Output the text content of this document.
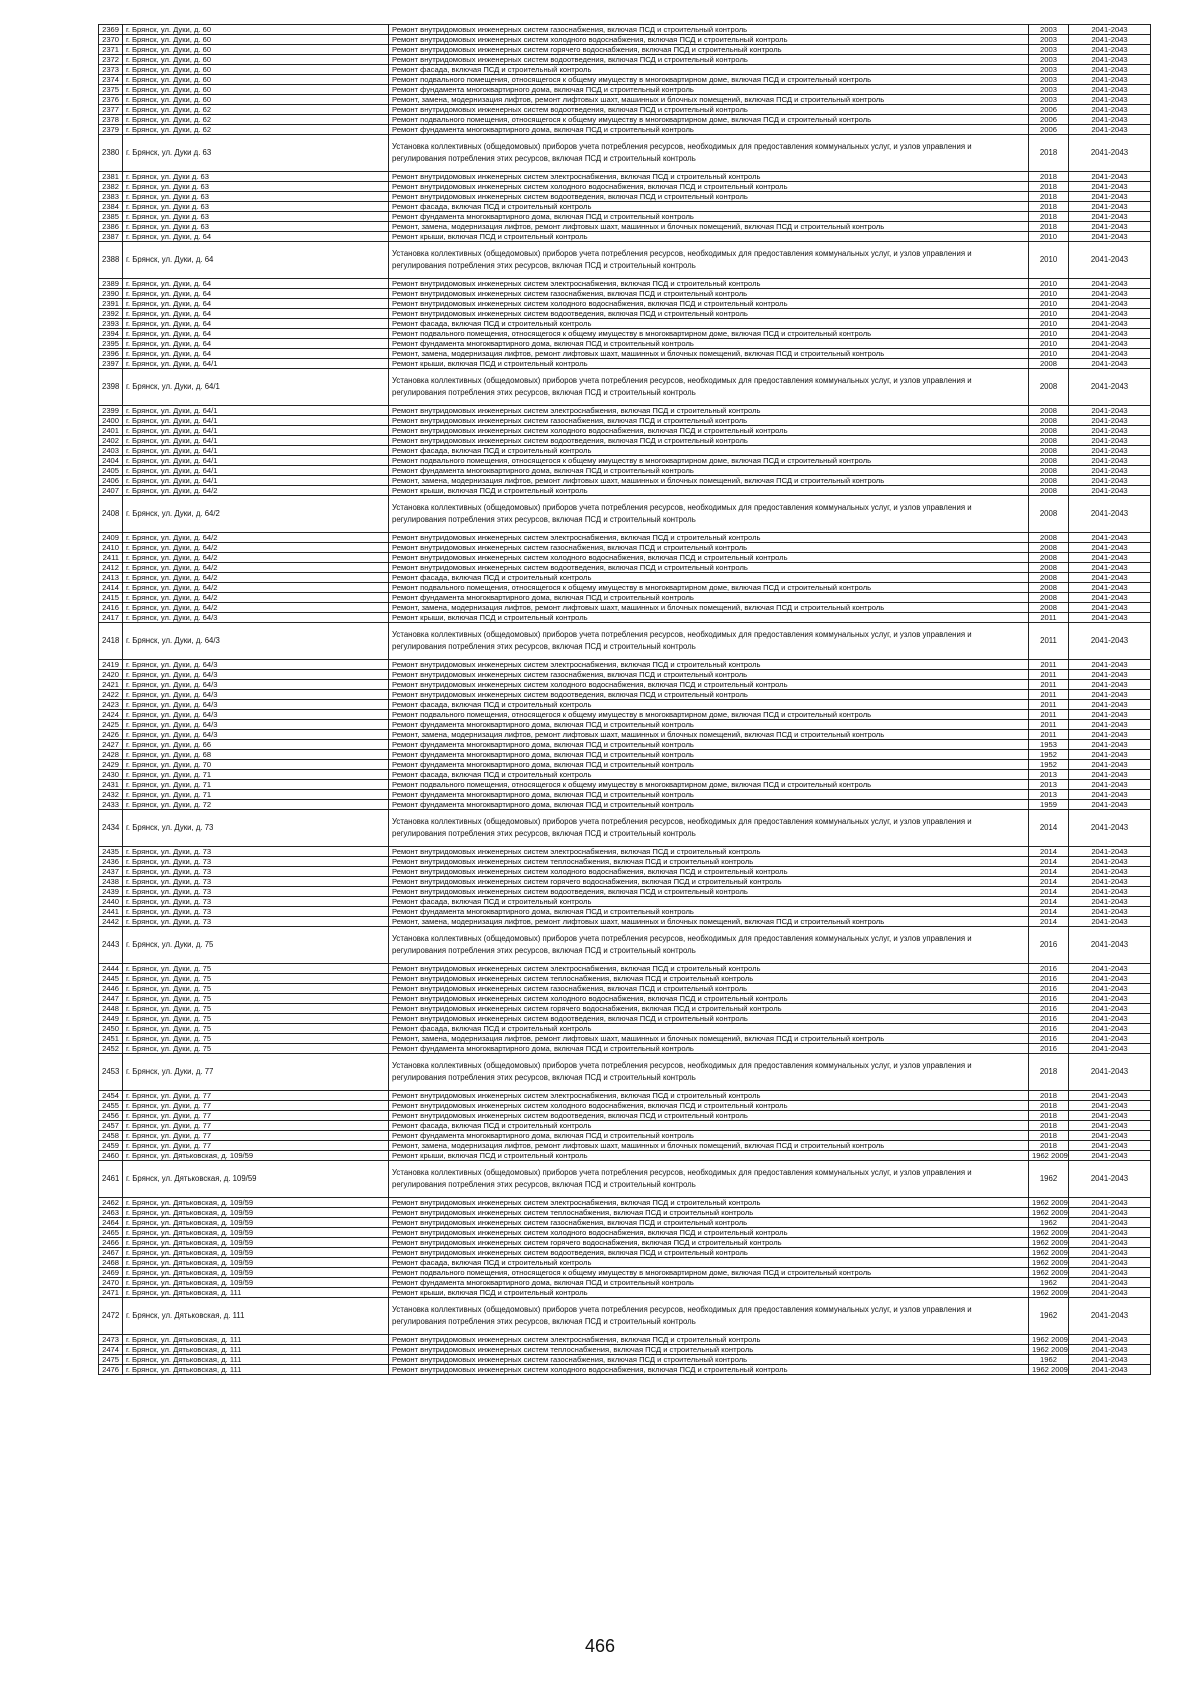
2369	г. Брянск, ул. Дуки, д. 60	Ремонт внутридомовых инженерных систем газоснабжения, включая ПСД и строительный контроль	2003	2041-2043
2370	г. Брянск, ул. Дуки, д. 60	Ремонт внутридомовых инженерных систем холодного водоснабжения, включая ПСД и строительный контроль	2003	2041-2043
2371	г. Брянск, ул. Дуки, д. 60	Ремонт внутридомовых инженерных систем горячего водоснабжения, включая ПСД и строительный контроль	2003	2041-2043
2372	г. Брянск, ул. Дуки, д. 60	Ремонт внутридомовых инженерных систем водоотведения, включая ПСД и строительный контроль	2003	2041-2043
2373	г. Брянск, ул. Дуки, д. 60	Ремонт фасада, включая ПСД и строительный контроль	2003	2041-2043
2374	г. Брянск, ул. Дуки, д. 60	Ремонт подвального помещения, относящегося к общему имуществу в многоквартирном доме, включая ПСД и строительный контроль	2003	2041-2043
2375	г. Брянск, ул. Дуки, д. 60	Ремонт фундамента многоквартирного дома, включая ПСД и строительный контроль	2003	2041-2043
2376	г. Брянск, ул. Дуки, д. 60	Ремонт, замена, модернизация лифтов, ремонт лифтовых шахт, машинных и блочных помещений, включая ПСД и строительный контроль	2003	2041-2043
2377	г. Брянск, ул. Дуки, д. 62	Ремонт внутридомовых инженерных систем водоотведения, включая ПСД и строительный контроль	2006	2041-2043
2378	г. Брянск, ул. Дуки, д. 62	Ремонт подвального помещения, относящегося к общему имуществу в многоквартирном доме, включая ПСД и строительный контроль	2006	2041-2043
2379	г. Брянск, ул. Дуки, д. 62	Ремонт фундамента многоквартирного дома, включая ПСД и строительный контроль	2006	2041-2043
2380	г. Брянск, ул. Дуки д. 63	Установка коллективных (общедомовых) приборов учета потребления ресурсов, необходимых для предоставления коммунальных услуг, и узлов управления и регулирования потребления этих ресурсов, включая ПСД и строительный контроль	2018	2041-2043
2381	г. Брянск, ул. Дуки д. 63	Ремонт внутридомовых инженерных систем электроснабжения, включая ПСД и строительный контроль	2018	2041-2043
2382	г. Брянск, ул. Дуки д. 63	Ремонт внутридомовых инженерных систем холодного водоснабжения, включая ПСД и строительный контроль	2018	2041-2043
2383	г. Брянск, ул. Дуки д. 63	Ремонт внутридомовых инженерных систем водоотведения, включая ПСД и строительный контроль	2018	2041-2043
2384	г. Брянск, ул. Дуки д. 63	Ремонт фасада, включая ПСД и строительный контроль	2018	2041-2043
2385	г. Брянск, ул. Дуки д. 63	Ремонт фундамента многоквартирного дома, включая ПСД и строительный контроль	2018	2041-2043
2386	г. Брянск, ул. Дуки д. 63	Ремонт, замена, модернизация лифтов, ремонт лифтовых шахт, машинных и блочных помещений, включая ПСД и строительный контроль	2018	2041-2043
2387	г. Брянск, ул. Дуки, д. 64	Ремонт крыши, включая ПСД и строительный контроль	2010	2041-2043
2388	г. Брянск, ул. Дуки, д. 64	Установка коллективных (общедомовых) приборов учета потребления ресурсов, необходимых для предоставления коммунальных услуг, и узлов управления и регулирования потребления этих ресурсов, включая ПСД и строительный контроль	2010	2041-2043
2389	г. Брянск, ул. Дуки, д. 64	Ремонт внутридомовых инженерных систем электроснабжения, включая ПСД и строительный контроль	2010	2041-2043
2390	г. Брянск, ул. Дуки, д. 64	Ремонт внутридомовых инженерных систем газоснабжения, включая ПСД и строительный контроль	2010	2041-2043
2391	г. Брянск, ул. Дуки, д. 64	Ремонт внутридомовых инженерных систем холодного водоснабжения, включая ПСД и строительный контроль	2010	2041-2043
2392	г. Брянск, ул. Дуки, д. 64	Ремонт внутридомовых инженерных систем водоотведения, включая ПСД и строительный контроль	2010	2041-2043
2393	г. Брянск, ул. Дуки, д. 64	Ремонт фасада, включая ПСД и строительный контроль	2010	2041-2043
2394	г. Брянск, ул. Дуки, д. 64	Ремонт подвального помещения, относящегося к общему имуществу в многоквартирном доме, включая ПСД и строительный контроль	2010	2041-2043
2395	г. Брянск, ул. Дуки, д. 64	Ремонт фундамента многоквартирного дома, включая ПСД и строительный контроль	2010	2041-2043
2396	г. Брянск, ул. Дуки, д. 64	Ремонт, замена, модернизация лифтов, ремонт лифтовых шахт, машинных и блочных помещений, включая ПСД и строительный контроль	2010	2041-2043
2397	г. Брянск, ул. Дуки, д. 64/1	Ремонт крыши, включая ПСД и строительный контроль	2008	2041-2043
2398	г. Брянск, ул. Дуки, д. 64/1	Установка коллективных (общедомовых) приборов учета потребления ресурсов, необходимых для предоставления коммунальных услуг, и узлов управления и регулирования потребления этих ресурсов, включая ПСД и строительный контроль	2008	2041-2043
2399	г. Брянск, ул. Дуки, д. 64/1	Ремонт внутридомовых инженерных систем электроснабжения, включая ПСД и строительный контроль	2008	2041-2043
2400	г. Брянск, ул. Дуки, д. 64/1	Ремонт внутридомовых инженерных систем газоснабжения, включая ПСД и строительный контроль	2008	2041-2043
2401	г. Брянск, ул. Дуки, д. 64/1	Ремонт внутридомовых инженерных систем холодного водоснабжения, включая ПСД и строительный контроль	2008	2041-2043
2402	г. Брянск, ул. Дуки, д. 64/1	Ремонт внутридомовых инженерных систем водоотведения, включая ПСД и строительный контроль	2008	2041-2043
2403	г. Брянск, ул. Дуки, д. 64/1	Ремонт фасада, включая ПСД и строительный контроль	2008	2041-2043
2404	г. Брянск, ул. Дуки, д. 64/1	Ремонт подвального помещения, относящегося к общему имуществу в многоквартирном доме, включая ПСД и строительный контроль	2008	2041-2043
2405	г. Брянск, ул. Дуки, д. 64/1	Ремонт фундамента многоквартирного дома, включая ПСД и строительный контроль	2008	2041-2043
2406	г. Брянск, ул. Дуки, д. 64/1	Ремонт, замена, модернизация лифтов, ремонт лифтовых шахт, машинных и блочных помещений, включая ПСД и строительный контроль	2008	2041-2043
2407	г. Брянск, ул. Дуки, д. 64/2	Ремонт крыши, включая ПСД и строительный контроль	2008	2041-2043
2408	г. Брянск, ул. Дуки, д. 64/2	Установка коллективных (общедомовых) приборов учета потребления ресурсов, необходимых для предоставления коммунальных услуг, и узлов управления и регулирования потребления этих ресурсов, включая ПСД и строительный контроль	2008	2041-2043
2409	г. Брянск, ул. Дуки, д. 64/2	Ремонт внутридомовых инженерных систем электроснабжения, включая ПСД и строительный контроль	2008	2041-2043
2410	г. Брянск, ул. Дуки, д. 64/2	Ремонт внутридомовых инженерных систем газоснабжения, включая ПСД и строительный контроль	2008	2041-2043
2411	г. Брянск, ул. Дуки, д. 64/2	Ремонт внутридомовых инженерных систем холодного водоснабжения, включая ПСД и строительный контроль	2008	2041-2043
2412	г. Брянск, ул. Дуки, д. 64/2	Ремонт внутридомовых инженерных систем водоотведения, включая ПСД и строительный контроль	2008	2041-2043
2413	г. Брянск, ул. Дуки, д. 64/2	Ремонт фасада, включая ПСД и строительный контроль	2008	2041-2043
2414	г. Брянск, ул. Дуки, д. 64/2	Ремонт подвального помещения, относящегося к общему имуществу в многоквартирном доме, включая ПСД и строительный контроль	2008	2041-2043
2415	г. Брянск, ул. Дуки, д. 64/2	Ремонт фундамента многоквартирного дома, включая ПСД и строительный контроль	2008	2041-2043
2416	г. Брянск, ул. Дуки, д. 64/2	Ремонт, замена, модернизация лифтов, ремонт лифтовых шахт, машинных и блочных помещений, включая ПСД и строительный контроль	2008	2041-2043
2417	г. Брянск, ул. Дуки, д. 64/3	Ремонт крыши, включая ПСД и строительный контроль	2011	2041-2043
2418	г. Брянск, ул. Дуки, д. 64/3	Установка коллективных (общедомовых) приборов учета потребления ресурсов, необходимых для предоставления коммунальных услуг, и узлов управления и регулирования потребления этих ресурсов, включая ПСД и строительный контроль	2011	2041-2043
2419	г. Брянск, ул. Дуки, д. 64/3	Ремонт внутридомовых инженерных систем электроснабжения, включая ПСД и строительный контроль	2011	2041-2043
2420	г. Брянск, ул. Дуки, д. 64/3	Ремонт внутридомовых инженерных систем газоснабжения, включая ПСД и строительный контроль	2011	2041-2043
2421	г. Брянск, ул. Дуки, д. 64/3	Ремонт внутридомовых инженерных систем холодного водоснабжения, включая ПСД и строительный контроль	2011	2041-2043
2422	г. Брянск, ул. Дуки, д. 64/3	Ремонт внутридомовых инженерных систем водоотведения, включая ПСД и строительный контроль	2011	2041-2043
2423	г. Брянск, ул. Дуки, д. 64/3	Ремонт фасада, включая ПСД и строительный контроль	2011	2041-2043
2424	г. Брянск, ул. Дуки, д. 64/3	Ремонт подвального помещения, относящегося к общему имуществу в многоквартирном доме, включая ПСД и строительный контроль	2011	2041-2043
2425	г. Брянск, ул. Дуки, д. 64/3	Ремонт фундамента многоквартирного дома, включая ПСД и строительный контроль	2011	2041-2043
2426	г. Брянск, ул. Дуки, д. 64/3	Ремонт, замена, модернизация лифтов, ремонт лифтовых шахт, машинных и блочных помещений, включая ПСД и строительный контроль	2011	2041-2043
2427	г. Брянск, ул. Дуки, д. 66	Ремонт фундамента многоквартирного дома, включая ПСД и строительный контроль	1953	2041-2043
2428	г. Брянск, ул. Дуки, д. 68	Ремонт фундамента многоквартирного дома, включая ПСД и строительный контроль	1952	2041-2043
2429	г. Брянск, ул. Дуки, д. 70	Ремонт фундамента многоквартирного дома, включая ПСД и строительный контроль	1952	2041-2043
2430	г. Брянск, ул. Дуки, д. 71	Ремонт фасада, включая ПСД и строительный контроль	2013	2041-2043
2431	г. Брянск, ул. Дуки, д. 71	Ремонт подвального помещения, относящегося к общему имуществу в многоквартирном доме, включая ПСД и строительный контроль	2013	2041-2043
2432	г. Брянск, ул. Дуки, д. 71	Ремонт фундамента многоквартирного дома, включая ПСД и строительный контроль	2013	2041-2043
2433	г. Брянск, ул. Дуки, д. 72	Ремонт фундамента многоквартирного дома, включая ПСД и строительный контроль	1959	2041-2043
2434	г. Брянск, ул. Дуки, д. 73	Установка коллективных (общедомовых) приборов учета потребления ресурсов, необходимых для предоставления коммунальных услуг, и узлов управления и регулирования потребления этих ресурсов, включая ПСД и строительный контроль	2014	2041-2043
2435	г. Брянск, ул. Дуки, д. 73	Ремонт внутридомовых инженерных систем электроснабжения, включая ПСД и строительный контроль	2014	2041-2043
2436	г. Брянск, ул. Дуки, д. 73	Ремонт внутридомовых инженерных систем теплоснабжения, включая ПСД и строительный контроль	2014	2041-2043
2437	г. Брянск, ул. Дуки, д. 73	Ремонт внутридомовых инженерных систем холодного водоснабжения, включая ПСД и строительный контроль	2014	2041-2043
2438	г. Брянск, ул. Дуки, д. 73	Ремонт внутридомовых инженерных систем горячего водоснабжения, включая ПСД и строительный контроль	2014	2041-2043
2439	г. Брянск, ул. Дуки, д. 73	Ремонт внутридомовых инженерных систем водоотведения, включая ПСД и строительный контроль	2014	2041-2043
2440	г. Брянск, ул. Дуки, д. 73	Ремонт фасада, включая ПСД и строительный контроль	2014	2041-2043
2441	г. Брянск, ул. Дуки, д. 73	Ремонт фундамента многоквартирного дома, включая ПСД и строительный контроль	2014	2041-2043
2442	г. Брянск, ул. Дуки, д. 73	Ремонт, замена, модернизация лифтов, ремонт лифтовых шахт, машинных и блочных помещений, включая ПСД и строительный контроль	2014	2041-2043
2443	г. Брянск, ул. Дуки, д. 75	Установка коллективных (общедомовых) приборов учета потребления ресурсов, необходимых для предоставления коммунальных услуг, и узлов управления и регулирования потребления этих ресурсов, включая ПСД и строительный контроль	2016	2041-2043
2444	г. Брянск, ул. Дуки, д. 75	Ремонт внутридомовых инженерных систем электроснабжения, включая ПСД и строительный контроль	2016	2041-2043
2445	г. Брянск, ул. Дуки, д. 75	Ремонт внутридомовых инженерных систем теплоснабжения, включая ПСД и строительный контроль	2016	2041-2043
2446	г. Брянск, ул. Дуки, д. 75	Ремонт внутридомовых инженерных систем газоснабжения, включая ПСД и строительный контроль	2016	2041-2043
2447	г. Брянск, ул. Дуки, д. 75	Ремонт внутридомовых инженерных систем холодного водоснабжения, включая ПСД и строительный контроль	2016	2041-2043
2448	г. Брянск, ул. Дуки, д. 75	Ремонт внутридомовых инженерных систем горячего водоснабжения, включая ПСД и строительный контроль	2016	2041-2043
2449	г. Брянск, ул. Дуки, д. 75	Ремонт внутридомовых инженерных систем водоотведения, включая ПСД и строительный контроль	2016	2041-2043
2450	г. Брянск, ул. Дуки, д. 75	Ремонт фасада, включая ПСД и строительный контроль	2016	2041-2043
2451	г. Брянск, ул. Дуки, д. 75	Ремонт, замена, модернизация лифтов, ремонт лифтовых шахт, машинных и блочных помещений, включая ПСД и строительный контроль	2016	2041-2043
2452	г. Брянск, ул. Дуки, д. 75	Ремонт фундамента многоквартирного дома, включая ПСД и строительный контроль	2016	2041-2043
2453	г. Брянск, ул. Дуки, д. 77	Установка коллективных (общедомовых) приборов учета потребления ресурсов, необходимых для предоставления коммунальных услуг, и узлов управления и регулирования потребления этих ресурсов, включая ПСД и строительный контроль	2018	2041-2043
2454	г. Брянск, ул. Дуки, д. 77	Ремонт внутридомовых инженерных систем электроснабжения, включая ПСД и строительный контроль	2018	2041-2043
2455	г. Брянск, ул. Дуки, д. 77	Ремонт внутридомовых инженерных систем холодного водоснабжения, включая ПСД и строительный контроль	2018	2041-2043
2456	г. Брянск, ул. Дуки, д. 77	Ремонт внутридомовых инженерных систем водоотведения, включая ПСД и строительный контроль	2018	2041-2043
2457	г. Брянск, ул. Дуки, д. 77	Ремонт фасада, включая ПСД и строительный контроль	2018	2041-2043
2458	г. Брянск, ул. Дуки, д. 77	Ремонт фундамента многоквартирного дома, включая ПСД и строительный контроль	2018	2041-2043
2459	г. Брянск, ул. Дуки, д. 77	Ремонт, замена, модернизация лифтов, ремонт лифтовых шахт, машинных и блочных помещений, включая ПСД и строительный контроль	2018	2041-2043
2460	г. Брянск, ул. Дятьковская, д. 109/59	Ремонт крыши, включая ПСД и строительный контроль	1962 2009	2041-2043
2461	г. Брянск, ул. Дятьковская, д. 109/59	Установка коллективных (общедомовых) приборов учета потребления ресурсов, необходимых для предоставления коммунальных услуг, и узлов управления и регулирования потребления этих ресурсов, включая ПСД и строительный контроль	1962	2041-2043
2462	г. Брянск, ул. Дятьковская, д. 109/59	Ремонт внутридомовых инженерных систем электроснабжения, включая ПСД и строительный контроль	1962 2009	2041-2043
2463	г. Брянск, ул. Дятьковская, д. 109/59	Ремонт внутридомовых инженерных систем теплоснабжения, включая ПСД и строительный контроль	1962 2009	2041-2043
2464	г. Брянск, ул. Дятьковская, д. 109/59	Ремонт внутридомовых инженерных систем газоснабжения, включая ПСД и строительный контроль	1962	2041-2043
2465	г. Брянск, ул. Дятьковская, д. 109/59	Ремонт внутридомовых инженерных систем холодного водоснабжения, включая ПСД и строительный контроль	1962 2009	2041-2043
2466	г. Брянск, ул. Дятьковская, д. 109/59	Ремонт внутридомовых инженерных систем горячего водоснабжения, включая ПСД и строительный контроль	1962 2009	2041-2043
2467	г. Брянск, ул. Дятьковская, д. 109/59	Ремонт внутридомовых инженерных систем водоотведения, включая ПСД и строительный контроль	1962 2009	2041-2043
2468	г. Брянск, ул. Дятьковская, д. 109/59	Ремонт фасада, включая ПСД и строительный контроль	1962 2009	2041-2043
2469	г. Брянск, ул. Дятьковская, д. 109/59	Ремонт подвального помещения, относящегося к общему имуществу в многоквартирном доме, включая ПСД и строительный контроль	1962 2009	2041-2043
2470	г. Брянск, ул. Дятьковская, д. 109/59	Ремонт фундамента многоквартирного дома, включая ПСД и строительный контроль	1962	2041-2043
2471	г. Брянск, ул. Дятьковская, д. 111	Ремонт крыши, включая ПСД и строительный контроль	1962 2009	2041-2043
2472	г. Брянск, ул. Дятьковская, д. 111	Установка коллективных (общедомовых) приборов учета потребления ресурсов, необходимых для предоставления коммунальных услуг, и узлов управления и регулирования потребления этих ресурсов, включая ПСД и строительный контроль	1962	2041-2043
2473	г. Брянск, ул. Дятьковская, д. 111	Ремонт внутридомовых инженерных систем электроснабжения, включая ПСД и строительный контроль	1962 2009	2041-2043
2474	г. Брянск, ул. Дятьковская, д. 111	Ремонт внутридомовых инженерных систем теплоснабжения, включая ПСД и строительный контроль	1962 2009	2041-2043
2475	г. Брянск, ул. Дятьковская, д. 111	Ремонт внутридомовых инженерных систем газоснабжения, включая ПСД и строительный контроль	1962	2041-2043
2476	г. Брянск, ул. Дятьковская, д. 111	Ремонт внутридомовых инженерных систем холодного водоснабжения, включая ПСД и строительный контроль	1962 2009	2041-2043
466
